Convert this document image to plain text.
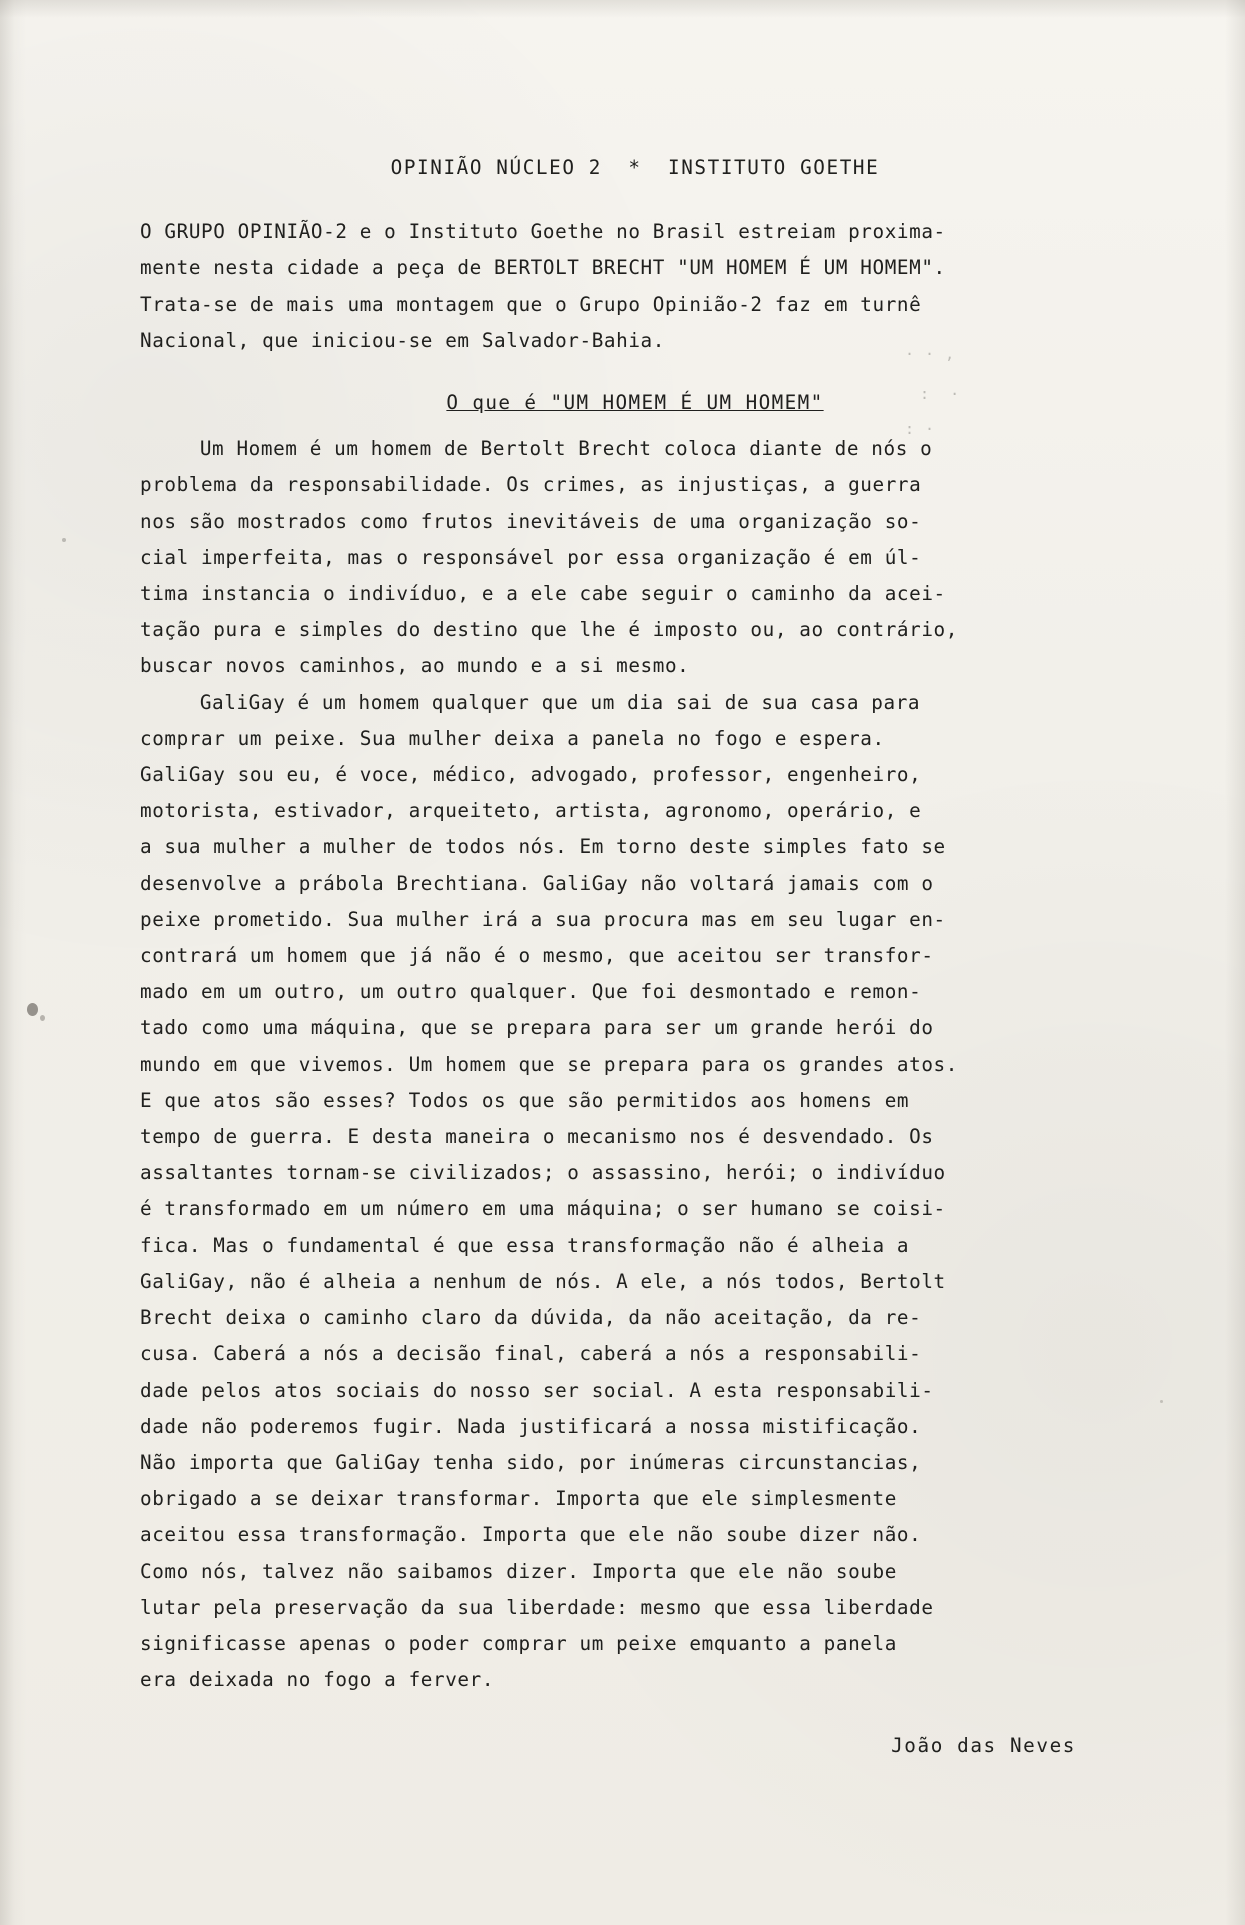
· · ,
:  ·
: ·
OPINIÃO NÚCLEO 2  *  INSTITUTO GOETHE
O GRUPO OPINIÃO-2 e o Instituto Goethe no Brasil estreiam proxima-
mente nesta cidade a peça de BERTOLT BRECHT "UM HOMEM É UM HOMEM".
Trata-se de mais uma montagem que o Grupo Opinião-2 faz em turnê
Nacional, que iniciou-se em Salvador-Bahia.
O que é "UM HOMEM É UM HOMEM"
Um Homem é um homem de Bertolt Brecht coloca diante de nós o
problema da responsabilidade. Os crimes, as injustiças, a guerra
nos são mostrados como frutos inevitáveis de uma organização so-
cial imperfeita, mas o responsável por essa organização é em úl-
tima instancia o indivíduo, e a ele cabe seguir o caminho da acei-
tação pura e simples do destino que lhe é imposto ou, ao contrário,
buscar novos caminhos, ao mundo e a si mesmo.
GaliGay é um homem qualquer que um dia sai de sua casa para
comprar um peixe. Sua mulher deixa a panela no fogo e espera.
GaliGay sou eu, é voce, médico, advogado, professor, engenheiro,
motorista, estivador, arqueiteto, artista, agronomo, operário, e
a sua mulher a mulher de todos nós. Em torno deste simples fato se
desenvolve a prábola Brechtiana. GaliGay não voltará jamais com o
peixe prometido. Sua mulher irá a sua procura mas em seu lugar en-
contrará um homem que já não é o mesmo, que aceitou ser transfor-
mado em um outro, um outro qualquer. Que foi desmontado e remon-
tado como uma máquina, que se prepara para ser um grande herói do
mundo em que vivemos. Um homem que se prepara para os grandes atos.
E que atos são esses? Todos os que são permitidos aos homens em
tempo de guerra. E desta maneira o mecanismo nos é desvendado. Os
assaltantes tornam-se civilizados; o assassino, herói; o indivíduo
é transformado em um número em uma máquina; o ser humano se coisi-
fica. Mas o fundamental é que essa transformação não é alheia a
GaliGay, não é alheia a nenhum de nós. A ele, a nós todos, Bertolt
Brecht deixa o caminho claro da dúvida, da não aceitação, da re-
cusa. Caberá a nós a decisão final, caberá a nós a responsabili-
dade pelos atos sociais do nosso ser social. A esta responsabili-
dade não poderemos fugir. Nada justificará a nossa mistificação.
Não importa que GaliGay tenha sido, por inúmeras circunstancias,
obrigado a se deixar transformar. Importa que ele simplesmente
aceitou essa transformação. Importa que ele não soube dizer não.
Como nós, talvez não saibamos dizer. Importa que ele não soube
lutar pela preservação da sua liberdade: mesmo que essa liberdade
significasse apenas o poder comprar um peixe emquanto a panela
era deixada no fogo a ferver.
João das Neves
